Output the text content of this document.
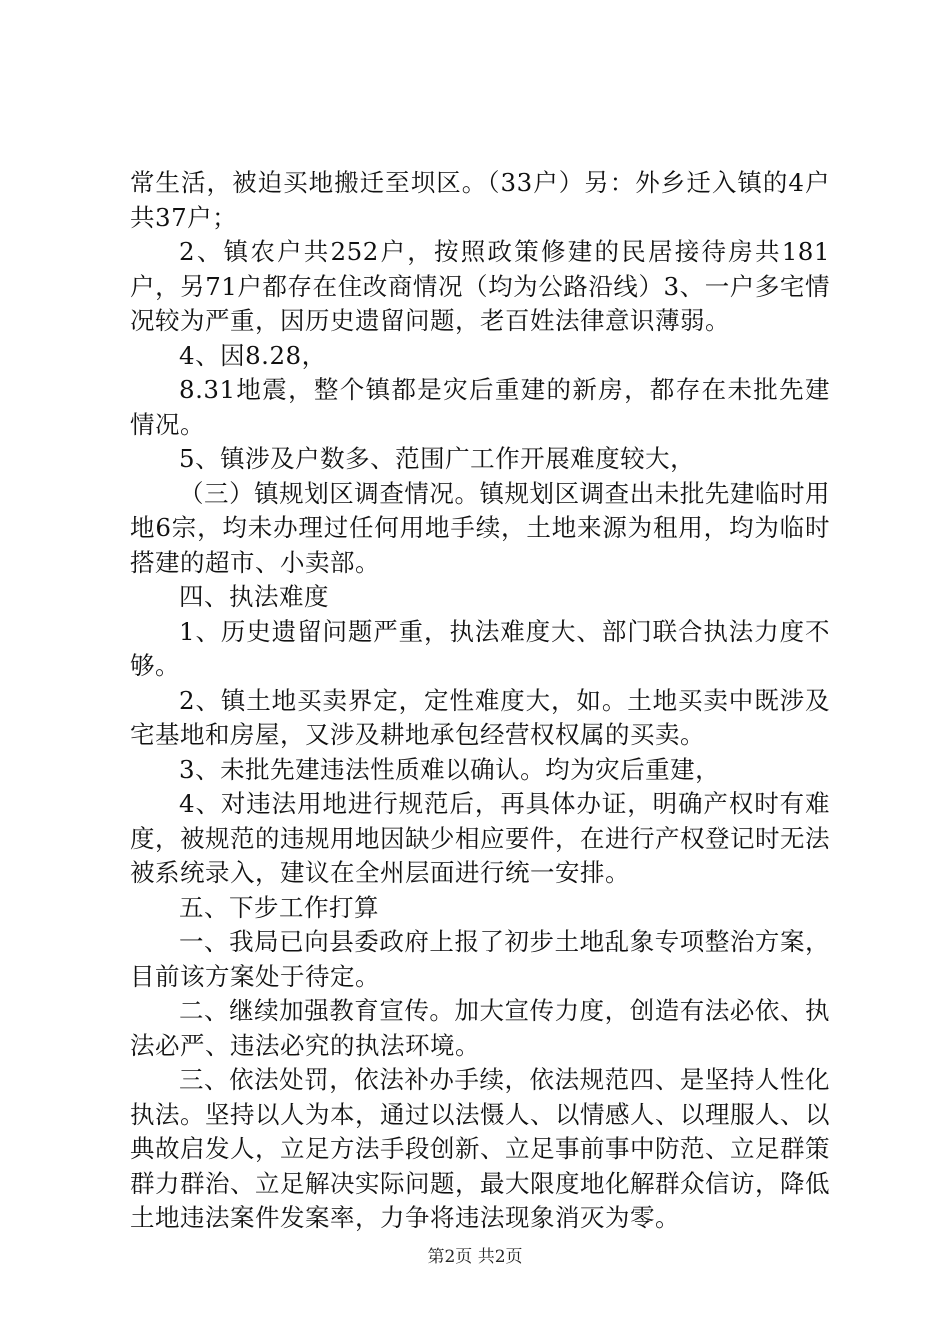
常生活，被迫买地搬迁至坝区。（33户）另：外乡迁入镇的4户共37户；

2、镇农户共252户，按照政策修建的民居接待房共181户，另71户都存在住改商情况（均为公路沿线）3、一户多宅情况较为严重，因历史遗留问题，老百姓法律意识薄弱。

4、因8.28，

8.31地震，整个镇都是灾后重建的新房，都存在未批先建情况。

5、镇涉及户数多、范围广工作开展难度较大，

（三）镇规划区调查情况。镇规划区调查出未批先建临时用地6宗，均未办理过任何用地手续，土地来源为租用，均为临时搭建的超市、小卖部。

四、执法难度

1、历史遗留问题严重，执法难度大、部门联合执法力度不够。

2、镇土地买卖界定，定性难度大，如。土地买卖中既涉及宅基地和房屋，又涉及耕地承包经营权权属的买卖。

3、未批先建违法性质难以确认。均为灾后重建，

4、对违法用地进行规范后，再具体办证，明确产权时有难度，被规范的违规用地因缺少相应要件，在进行产权登记时无法被系统录入，建议在全州层面进行统一安排。

五、下步工作打算

一、我局已向县委政府上报了初步土地乱象专项整治方案，目前该方案处于待定。

二、继续加强教育宣传。加大宣传力度，创造有法必依、执法必严、违法必究的执法环境。

三、依法处罚，依法补办手续，依法规范四、是坚持人性化执法。坚持以人为本，通过以法慑人、以情感人、以理服人、以典故启发人，立足方法手段创新、立足事前事中防范、立足群策群力群治、立足解决实际问题，最大限度地化解群众信访，降低土地违法案件发案率，力争将违法现象消灭为零。

第2页 共2页
